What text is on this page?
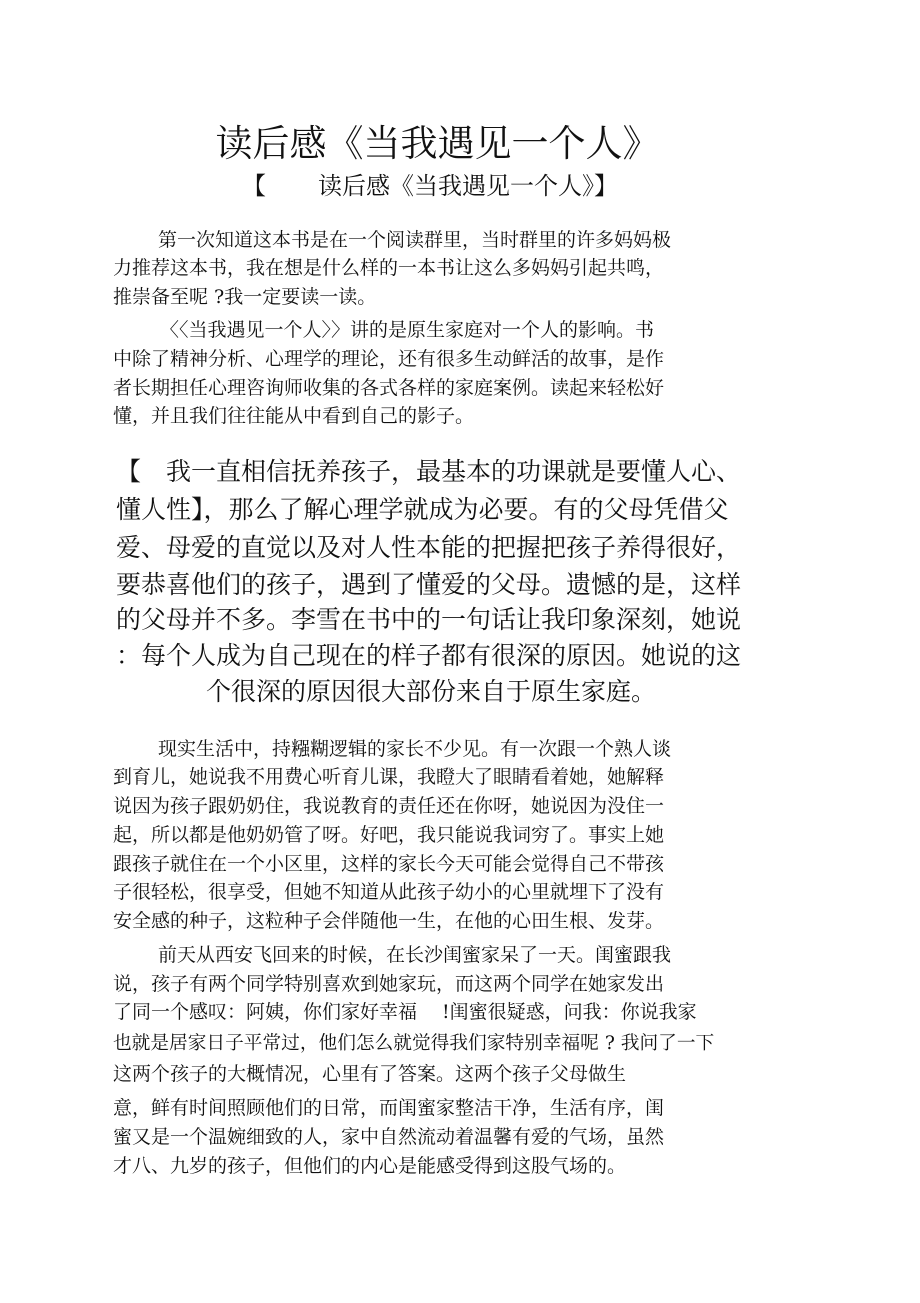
读后感《当我遇见一个人》
【 读后感《当我遇见一个人》】

第一次知道这本书是在一个阅读群里，当时群里的许多妈妈极

力推荐这本书，我在想是什么样的一本书让这么多妈妈引起共鸣，

推崇备至呢 ?我一定要读一读。

〈〈当我遇见一个人〉〉讲的是原生家庭对一个人的影响。书

中除了精神分析、心理学的理论，还有很多生动鲜活的故事，是作

者长期担任心理咨询师收集的各式各样的家庭案例。读起来轻松好

懂，并且我们往往能从中看到自己的影子。

【　我一直相信抚养孩子，最基本的功课就是要懂人心、

懂人性】，那么了解心理学就成为必要。有的父母凭借父

爱、母爱的直觉以及对人性本能的把握把孩子养得很好，

要恭喜他们的孩子，遇到了懂爱的父母。遗憾的是，这样

的父母并不多。李雪在书中的一句话让我印象深刻，她说

：每个人成为自己现在的样子都有很深的原因。她说的这

个很深的原因很大部份来自于原生家庭。

现实生活中，持糨糊逻辑的家长不少见。有一次跟一个熟人谈

到育儿，她说我不用费心听育儿课，我瞪大了眼睛看着她，她解释

说因为孩子跟奶奶住，我说教育的责任还在你呀，她说因为没住一

起，所以都是他奶奶管了呀。好吧，我只能说我词穷了。事实上她

跟孩子就住在一个小区里，这样的家长今天可能会觉得自己不带孩

子很轻松，很享受，但她不知道从此孩子幼小的心里就埋下了没有

安全感的种子，这粒种子会伴随他一生，在他的心田生根、发芽。

前天从西安飞回来的时候，在长沙闺蜜家呆了一天。闺蜜跟我

说，孩子有两个同学特别喜欢到她家玩，而这两个同学在她家发出

了同一个感叹：阿姨，你们家好幸福　 !闺蜜很疑惑，问我：你说我家

也就是居家日子平常过，他们怎么就觉得我们家特别幸福呢 ? 我问了一下

这两个孩子的大概情况，心里有了答案。这两个孩子父母做生

意，鲜有时间照顾他们的日常，而闺蜜家整洁干净，生活有序，闺

蜜又是一个温婉细致的人，家中自然流动着温馨有爱的气场，虽然

才八、九岁的孩子，但他们的内心是能感受得到这股气场的。
